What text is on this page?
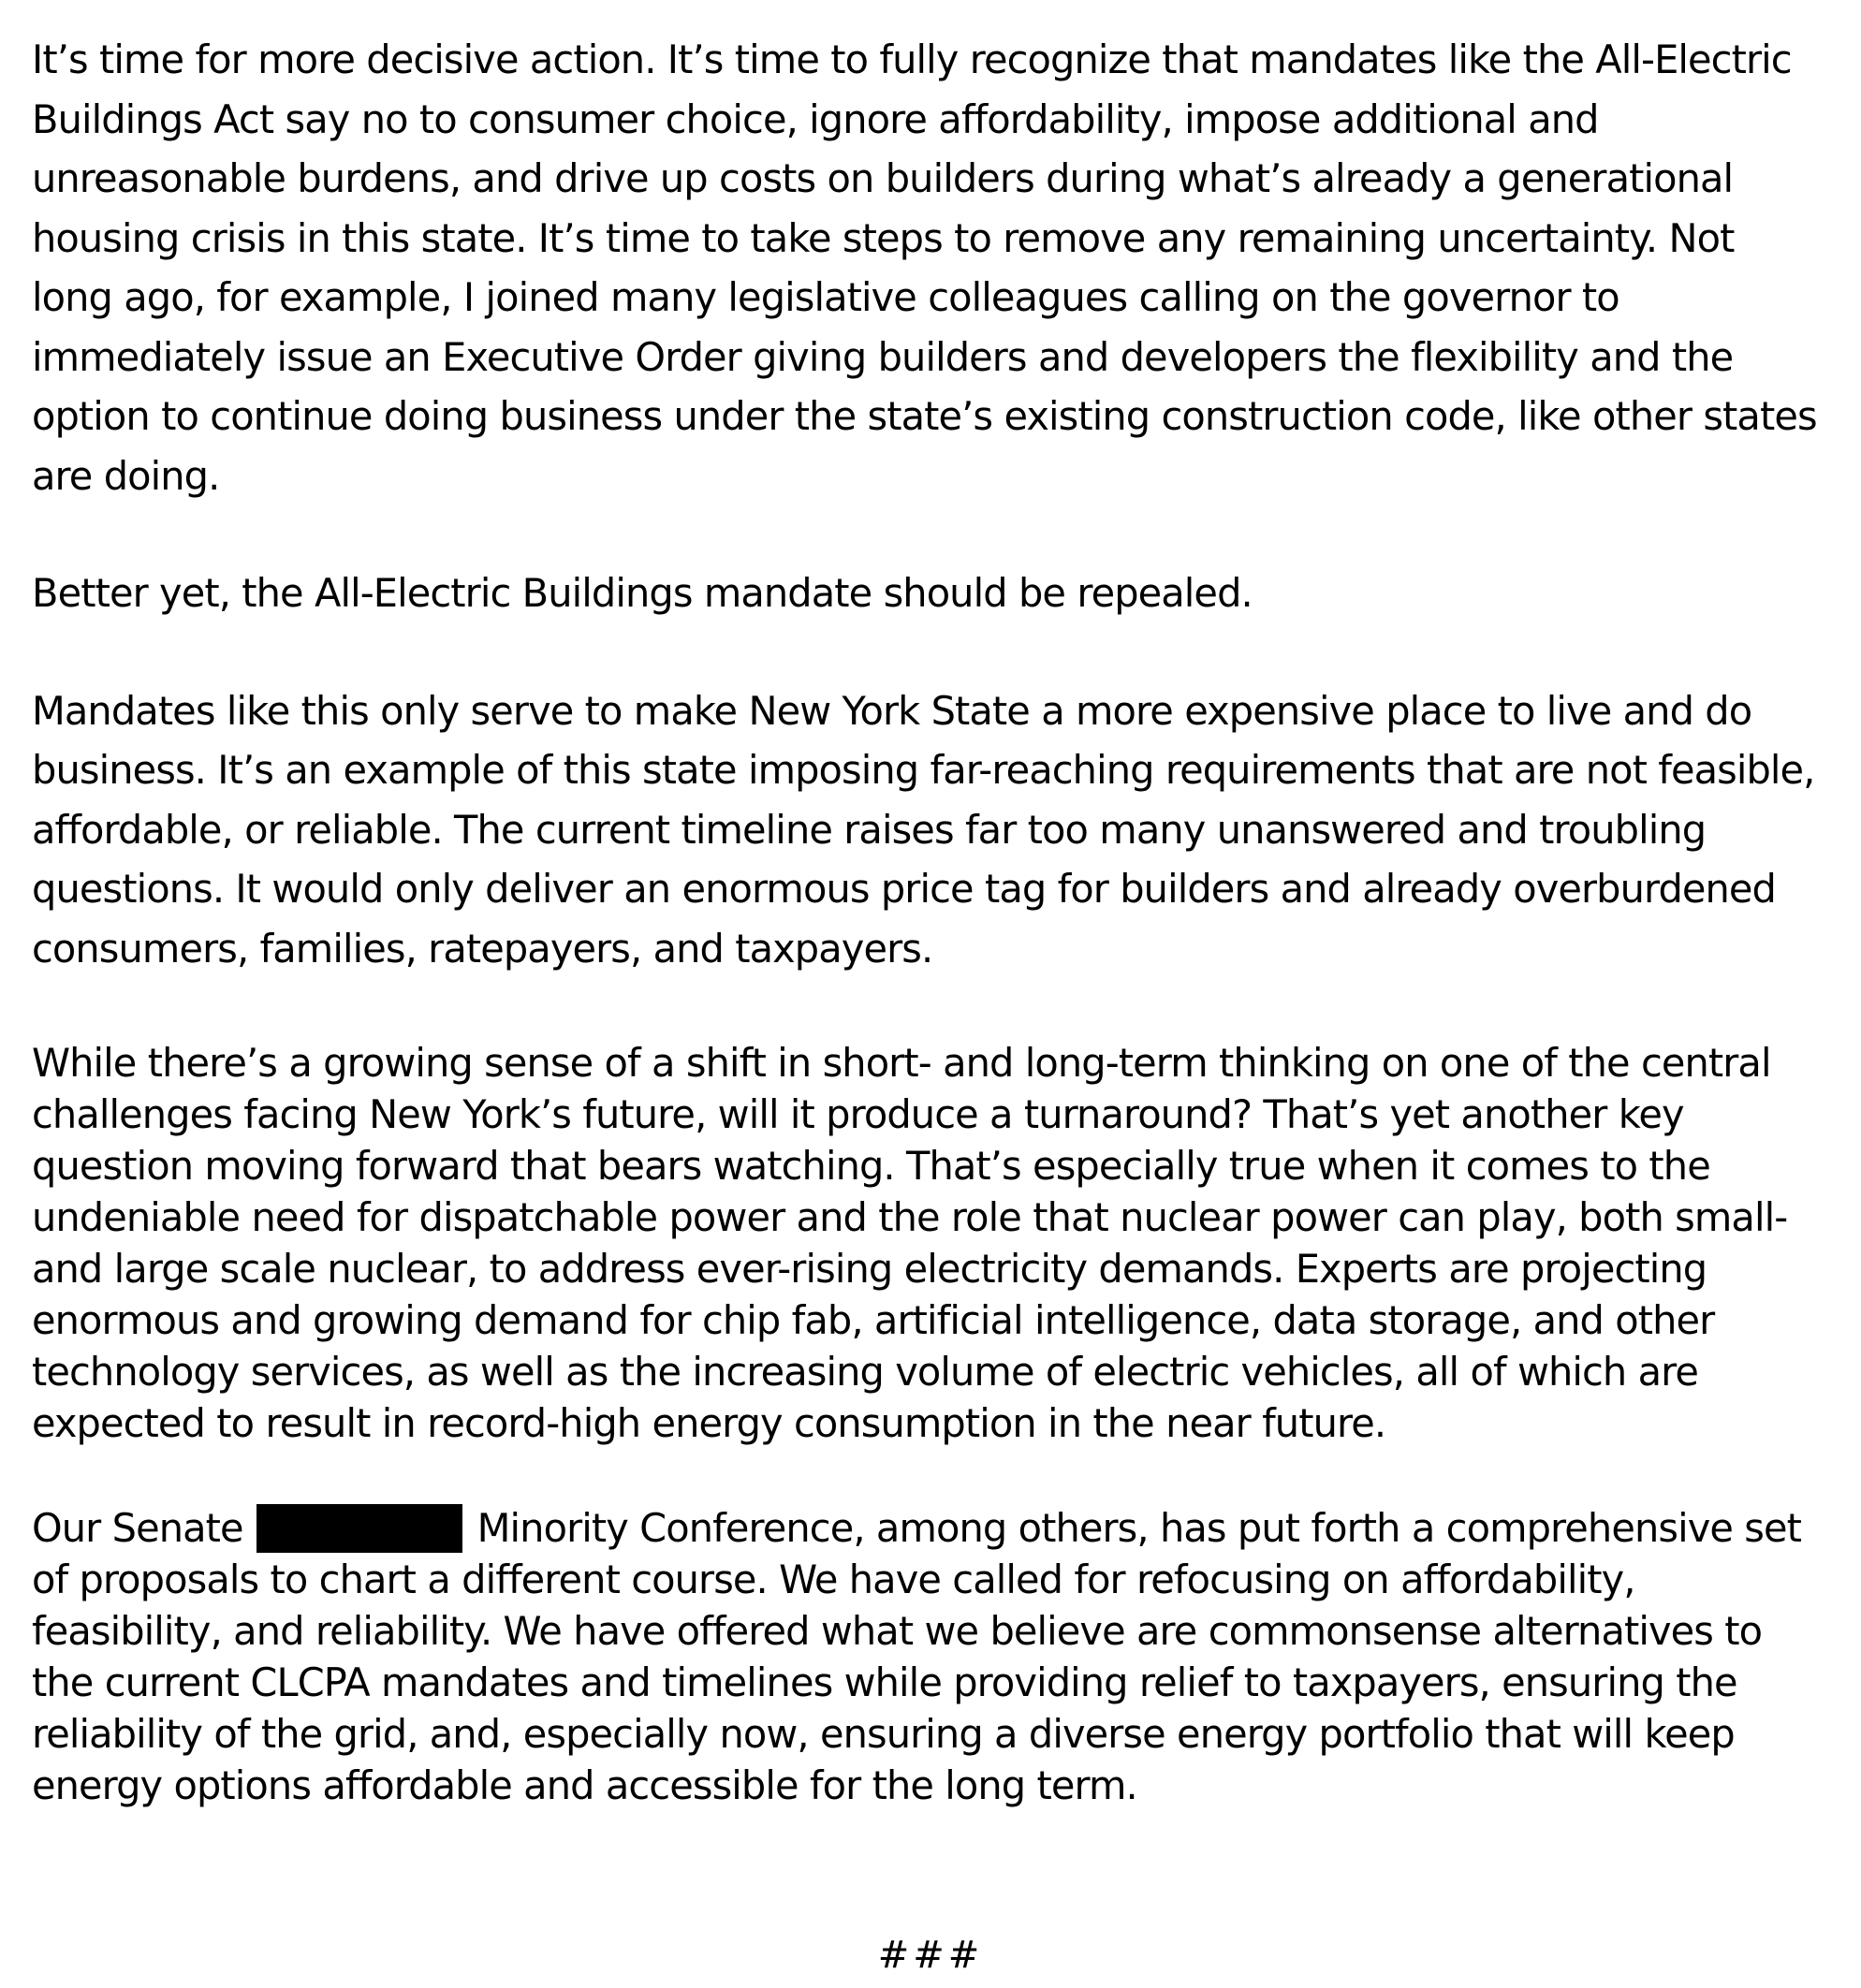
It’s time for more decisive action. It’s time to fully recognize that mandates like the All-Electric
Buildings Act say no to consumer choice, ignore affordability, impose additional and
unreasonable burdens, and drive up costs on builders during what’s already a generational
housing crisis in this state. It’s time to take steps to remove any remaining uncertainty. Not
long ago, for example, I joined many legislative colleagues calling on the governor to
immediately issue an Executive Order giving builders and developers the flexibility and the
option to continue doing business under the state’s existing construction code, like other states
are doing.

Better yet, the All-Electric Buildings mandate should be repealed.

Mandates like this only serve to make New York State a more expensive place to live and do
business. It’s an example of this state imposing far-reaching requirements that are not feasible,
affordable, or reliable. The current timeline raises far too many unanswered and troubling
questions. It would only deliver an enormous price tag for builders and already overburdened
consumers, families, ratepayers, and taxpayers.

While there’s a growing sense of a shift in short- and long-term thinking on one of the central
challenges facing New York’s future, will it produce a turnaround? That’s yet another key
question moving forward that bears watching. That’s especially true when it comes to the
undeniable need for dispatchable power and the role that nuclear power can play, both small-
and large scale nuclear, to address ever-rising electricity demands. Experts are projecting
enormous and growing demand for chip fab, artificial intelligence, data storage, and other
technology services, as well as the increasing volume of electric vehicles, all of which are
expected to result in record-high energy consumption in the near future.

Our Senate	Minority Conference, among others, has put forth a comprehensive set
of proposals to chart a different course. We have called for refocusing on affordability,
feasibility, and reliability. We have offered what we believe are commonsense alternatives to
the current CLCPA mandates and timelines while providing relief to taxpayers, ensuring the
reliability of the grid, and, especially now, ensuring a diverse energy portfolio that will keep
energy options affordable and accessible for the long term.

###
